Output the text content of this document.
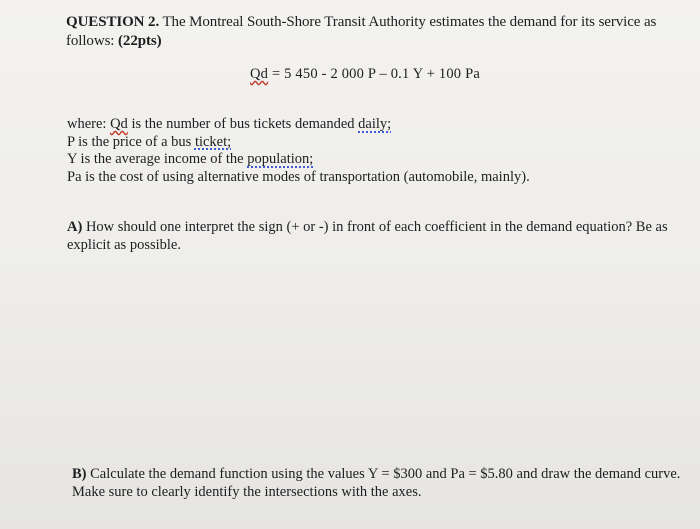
QUESTION 2. The Montreal South-Shore Transit Authority estimates the demand for its service as follows: (22pts)
Qd = 5 450 - 2 000 P – 0.1 Y + 100 Pa
where: Qd is the number of bus tickets demanded daily;
P is the price of a bus ticket;
Y is the average income of the population;
Pa is the cost of using alternative modes of transportation (automobile, mainly).
A) How should one interpret the sign (+ or -) in front of each coefficient in the demand equation? Be as explicit as possible.
B) Calculate the demand function using the values Y = $300 and Pa = $5.80 and draw the demand curve. Make sure to clearly identify the intersections with the axes.
